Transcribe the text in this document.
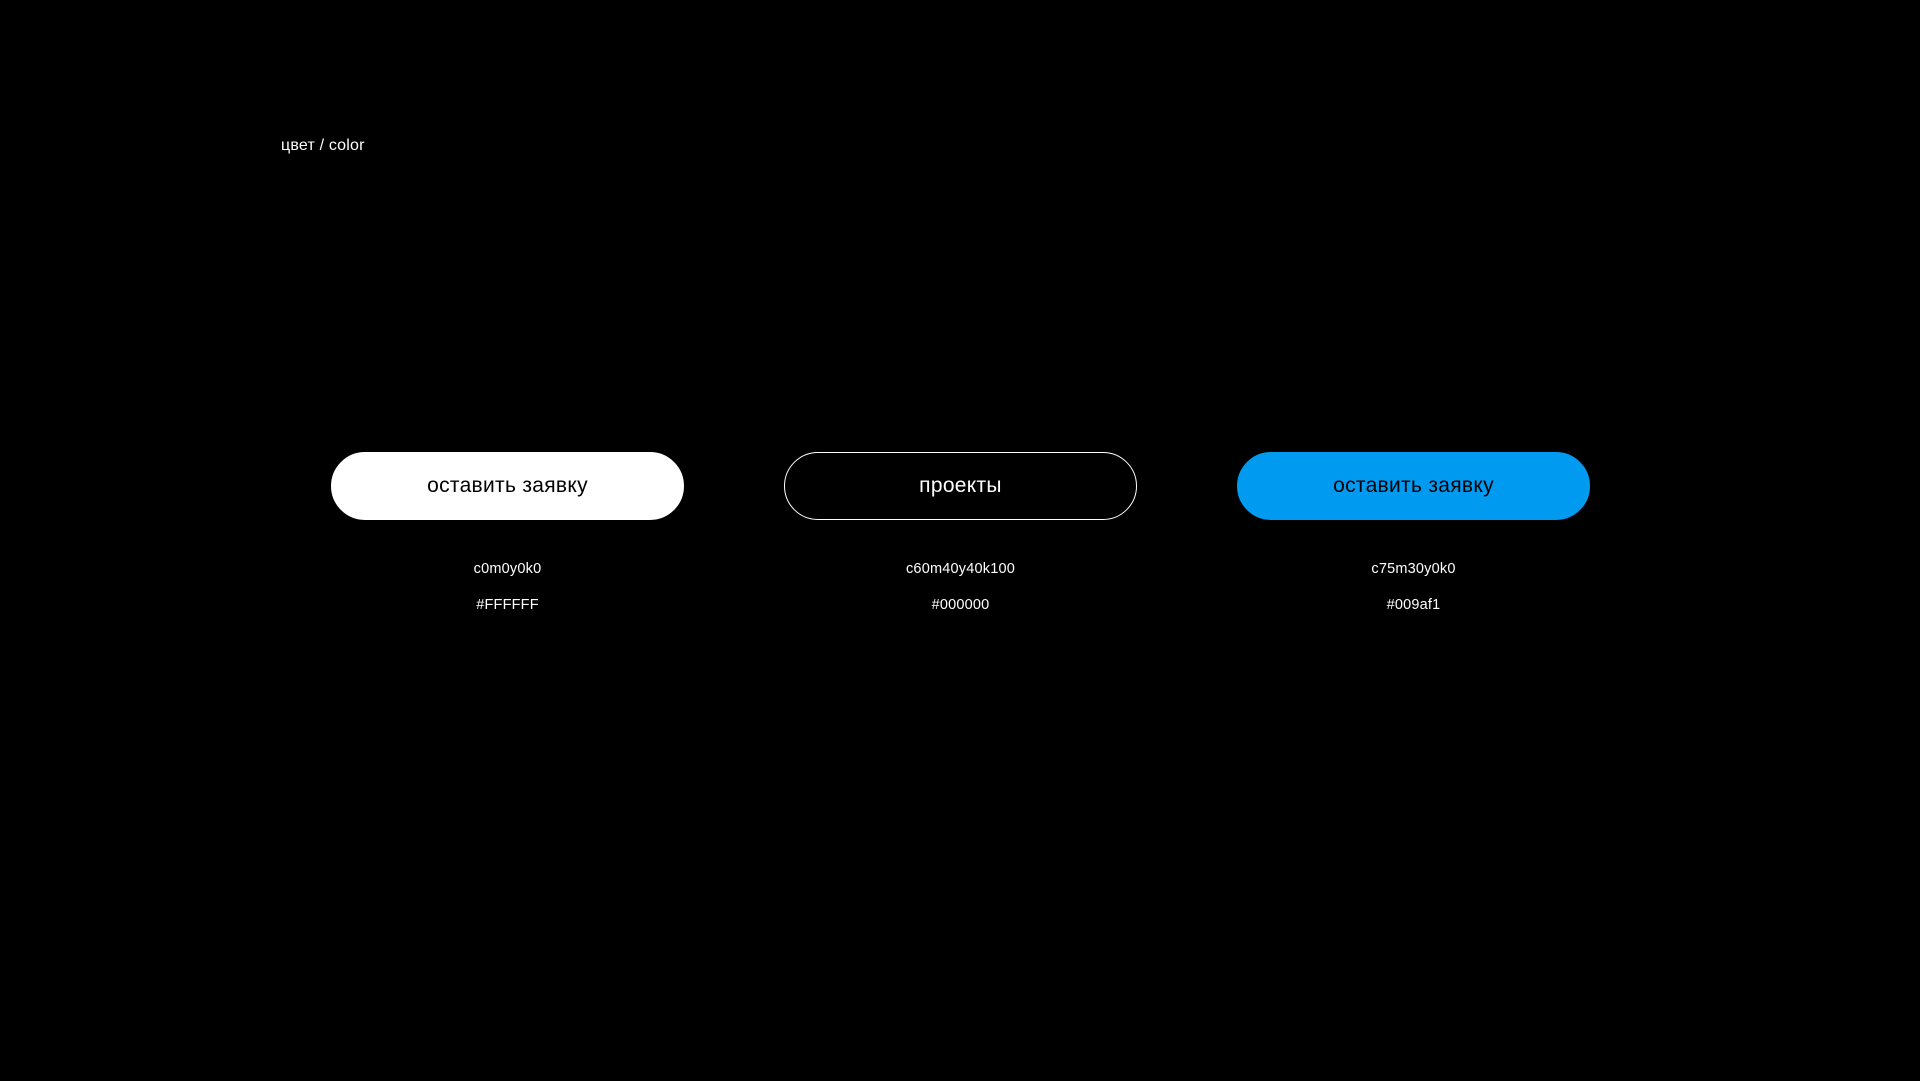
цвет / color
оставить заявку
c0m0y0k0
#FFFFFF
проекты
c60m40y40k100
#000000
оставить заявку
c75m30y0k0
#009af1
